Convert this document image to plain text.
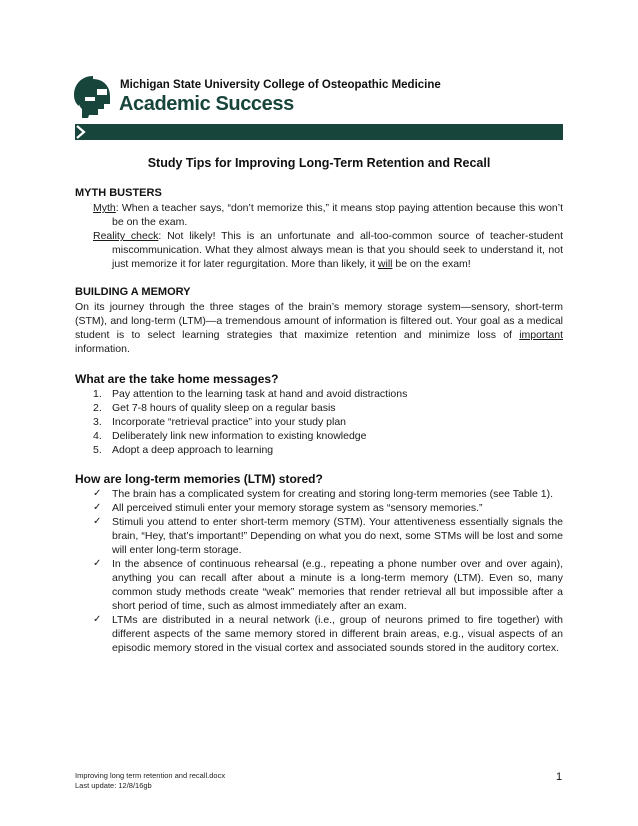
Michigan State University College of Osteopathic Medicine
Academic Success
Study Tips for Improving Long-Term Retention and Recall
MYTH BUSTERS

Myth: When a teacher says, “don’t memorize this,” it means stop paying attention because this won’t be on the exam.

Reality check: Not likely! This is an unfortunate and all-too-common source of teacher-student miscommunication. What they almost always mean is that you should seek to understand it, not just memorize it for later regurgitation. More than likely, it will be on the exam!

BUILDING A MEMORY

On its journey through the three stages of the brain’s memory storage system—sensory, short-term (STM), and long-term (LTM)—a tremendous amount of information is filtered out. Your goal as a medical student is to select learning strategies that maximize retention and minimize loss of important information.

What are the take home messages?
1. Pay attention to the learning task at hand and avoid distractions
2. Get 7-8 hours of quality sleep on a regular basis
3. Incorporate “retrieval practice” into your study plan
4. Deliberately link new information to existing knowledge
5. Adopt a deep approach to learning
How are long-term memories (LTM) stored?
✓ The brain has a complicated system for creating and storing long-term memories (see Table 1).
✓ All perceived stimuli enter your memory storage system as “sensory memories.”
✓ Stimuli you attend to enter short-term memory (STM). Your attentiveness essentially signals the brain, “Hey, that’s important!” Depending on what you do next, some STMs will be lost and some will enter long-term storage.
✓ In the absence of continuous rehearsal (e.g., repeating a phone number over and over again), anything you can recall after about a minute is a long-term memory (LTM). Even so, many common study methods create “weak” memories that render retrieval all but impossible after a short period of time, such as almost immediately after an exam.
✓ LTMs are distributed in a neural network (i.e., group of neurons primed to fire together) with different aspects of the same memory stored in different brain areas, e.g., visual aspects of an episodic memory stored in the visual cortex and associated sounds stored in the auditory cortex.
Improving long term retention and recall.docx
Last update: 12/8/16gb
1
